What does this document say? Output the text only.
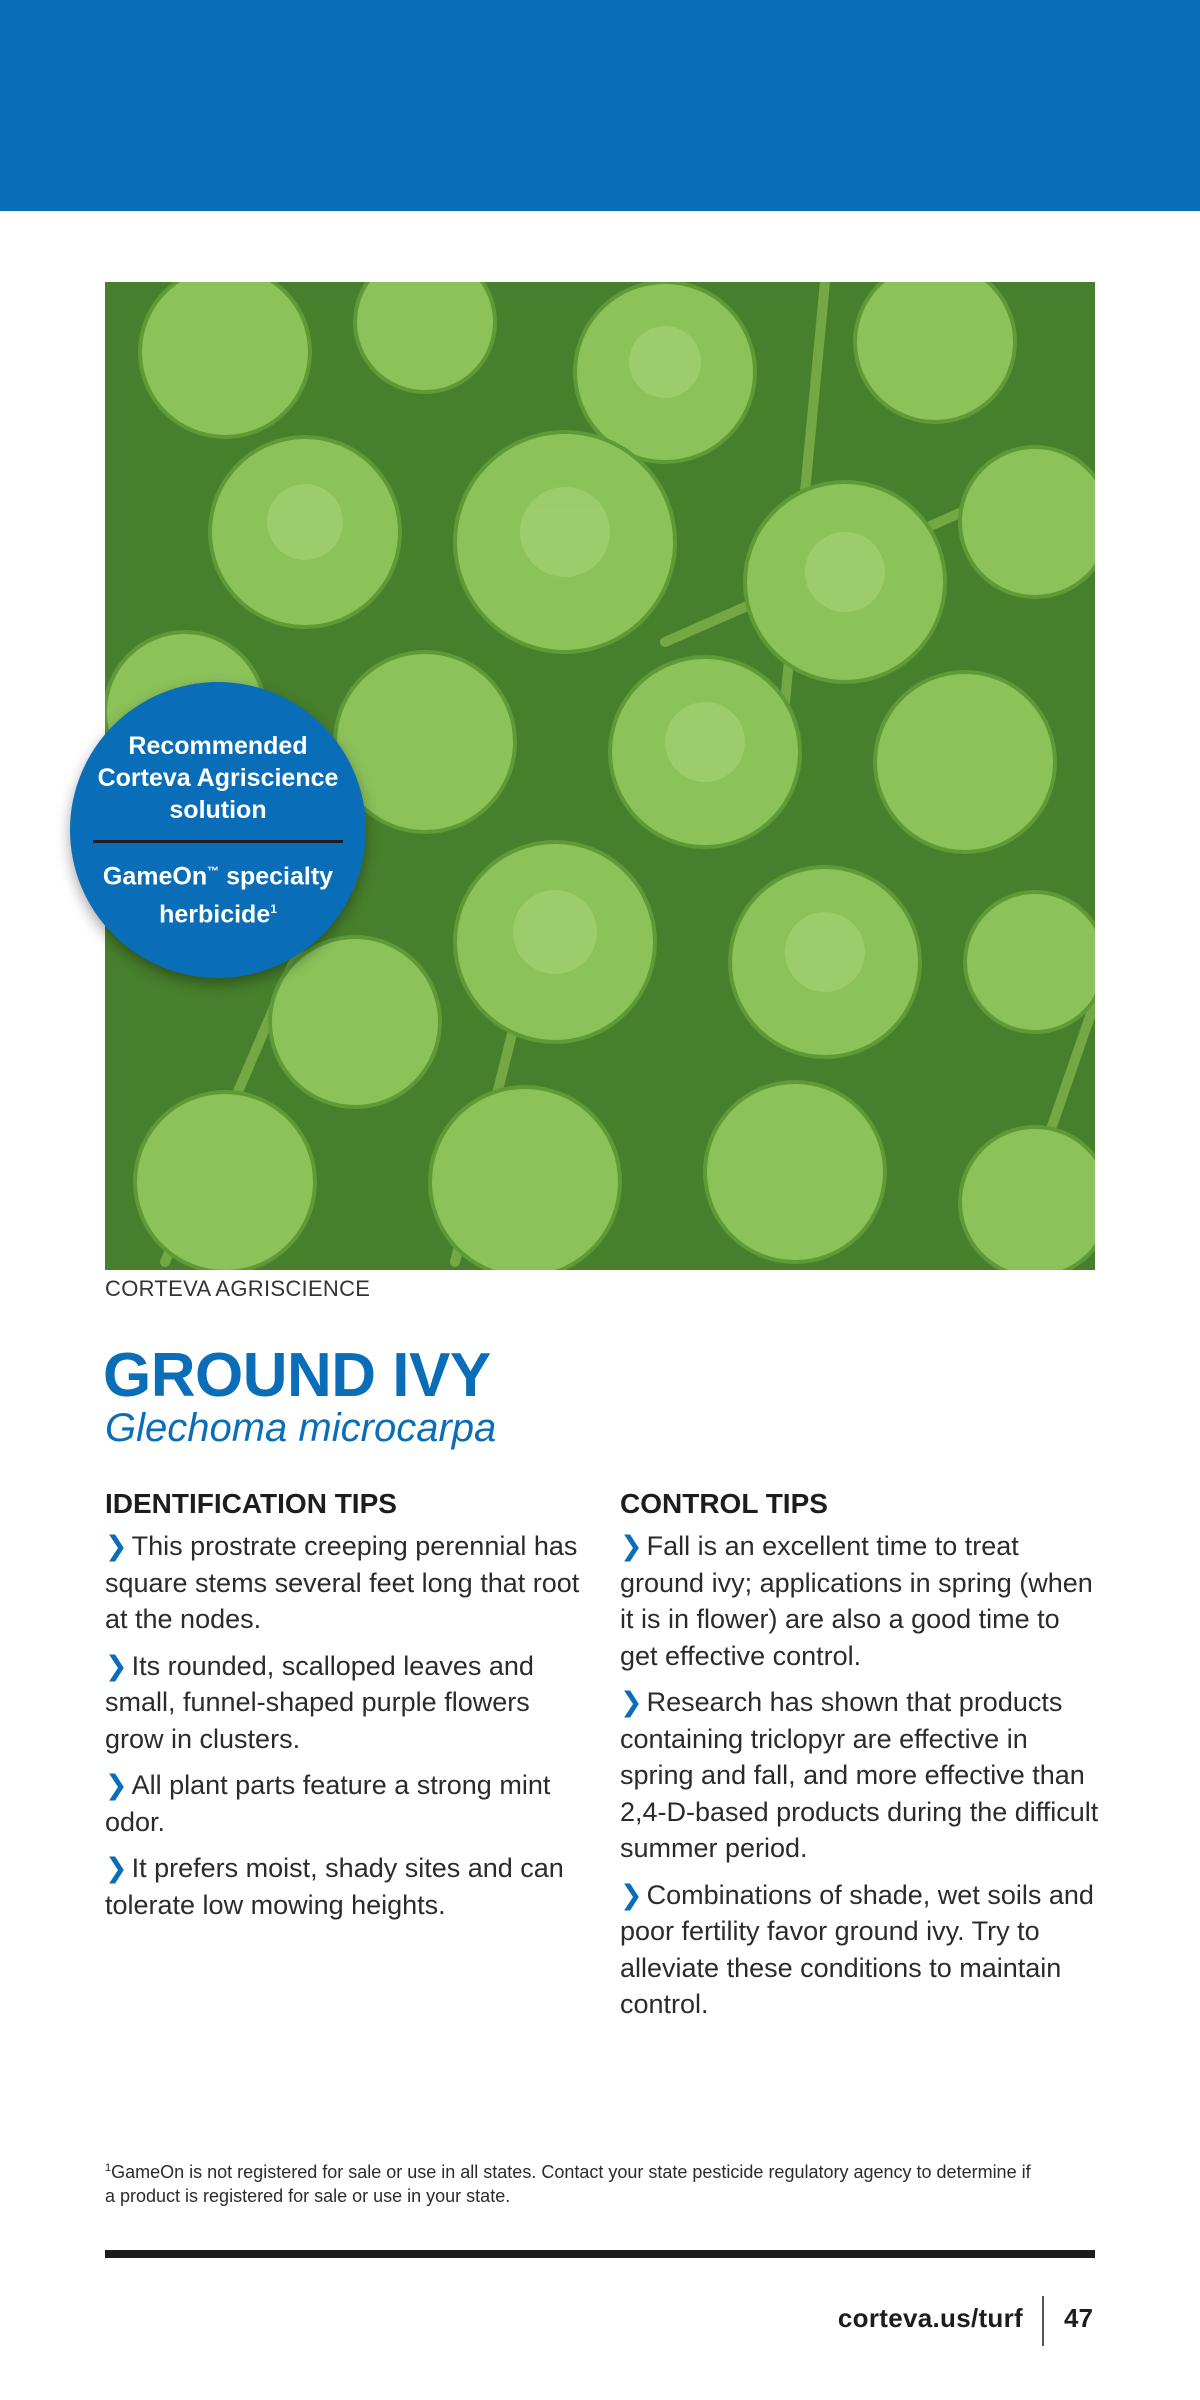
Recommended Corteva Agriscience solution
GameOn™ specialty herbicide$^1$
CORTEVA AGRISCIENCE
GROUND IVY
Glechoma microcarpa
IDENTIFICATION TIPS

❯ This prostrate creeping perennial has square stems several feet long that root at the nodes.

❯ Its rounded, scalloped leaves and small, funnel-shaped purple flowers grow in clusters.

❯ All plant parts feature a strong mint odor.

❯ It prefers moist, shady sites and can tolerate low mowing heights.

CONTROL TIPS

❯ Fall is an excellent time to treat ground ivy; applications in spring (when it is in flower) are also a good time to get effective control.

❯ Research has shown that products containing triclopyr are effective in spring and fall, and more effective than 2,4-D-based products during the difficult summer period.

❯ Combinations of shade, wet soils and poor fertility favor ground ivy. Try to alleviate these conditions to maintain control.

$^1$GameOn is not registered for sale or use in all states. Contact your state pesticide regulatory agency to determine if a product is registered for sale or use in your state.
corteva.us/turf 47
